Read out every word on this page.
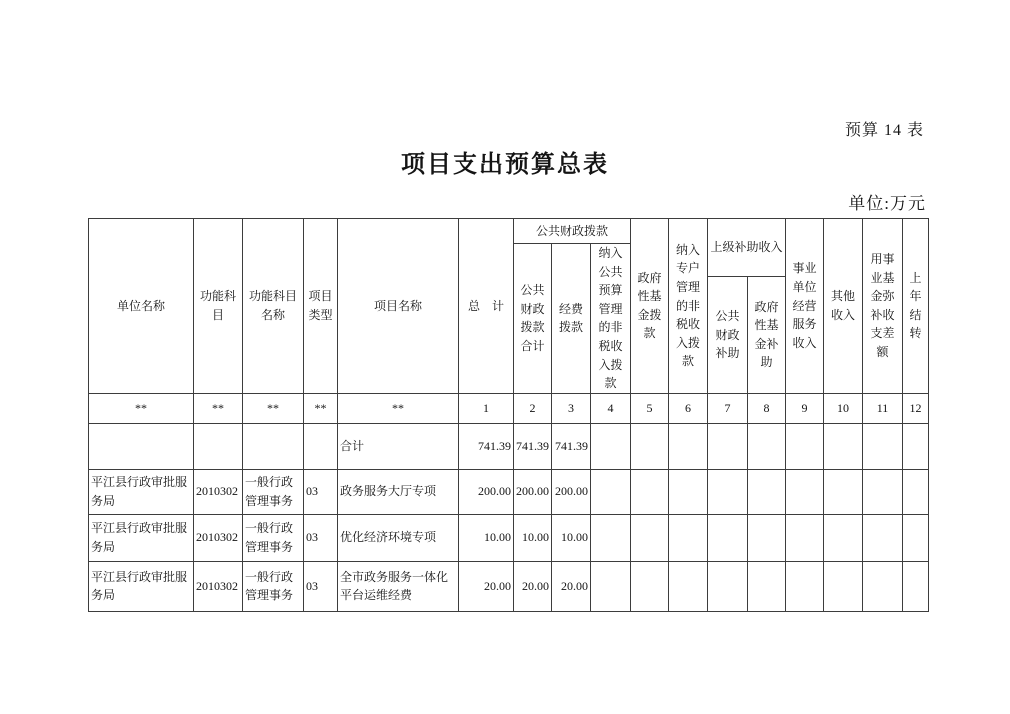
预算 14 表
项目支出预算总表
单位:万元
单位名称	功能科目	功能科目名称	项目类型	项目名称	总    计	公共财政拨款			政府性基金拨款	纳入专户管理的非税收入拨款	上级补助收入		事业单位经营服务收入	其他收入	用事业基金弥补收支差额	上年结转
						公共财政拨款合计	经费拨款	纳入公共预算管理的非税收入拨款								
											公共财政补助	政府性基金补助				
**	**	**	**	**	1	2	3	4	5	6	7	8	9	10	11	12
				合计	741.39	741.39	741.39									
平江县行政审批服务局	2010302	一般行政管理事务	03	政务服务大厅专项	200.00	200.00	200.00									
平江县行政审批服务局	2010302	一般行政管理事务	03	优化经济环境专项	10.00	10.00	10.00									
平江县行政审批服务局	2010302	一般行政管理事务	03	全市政务服务一体化平台运维经费	20.00	20.00	20.00									
